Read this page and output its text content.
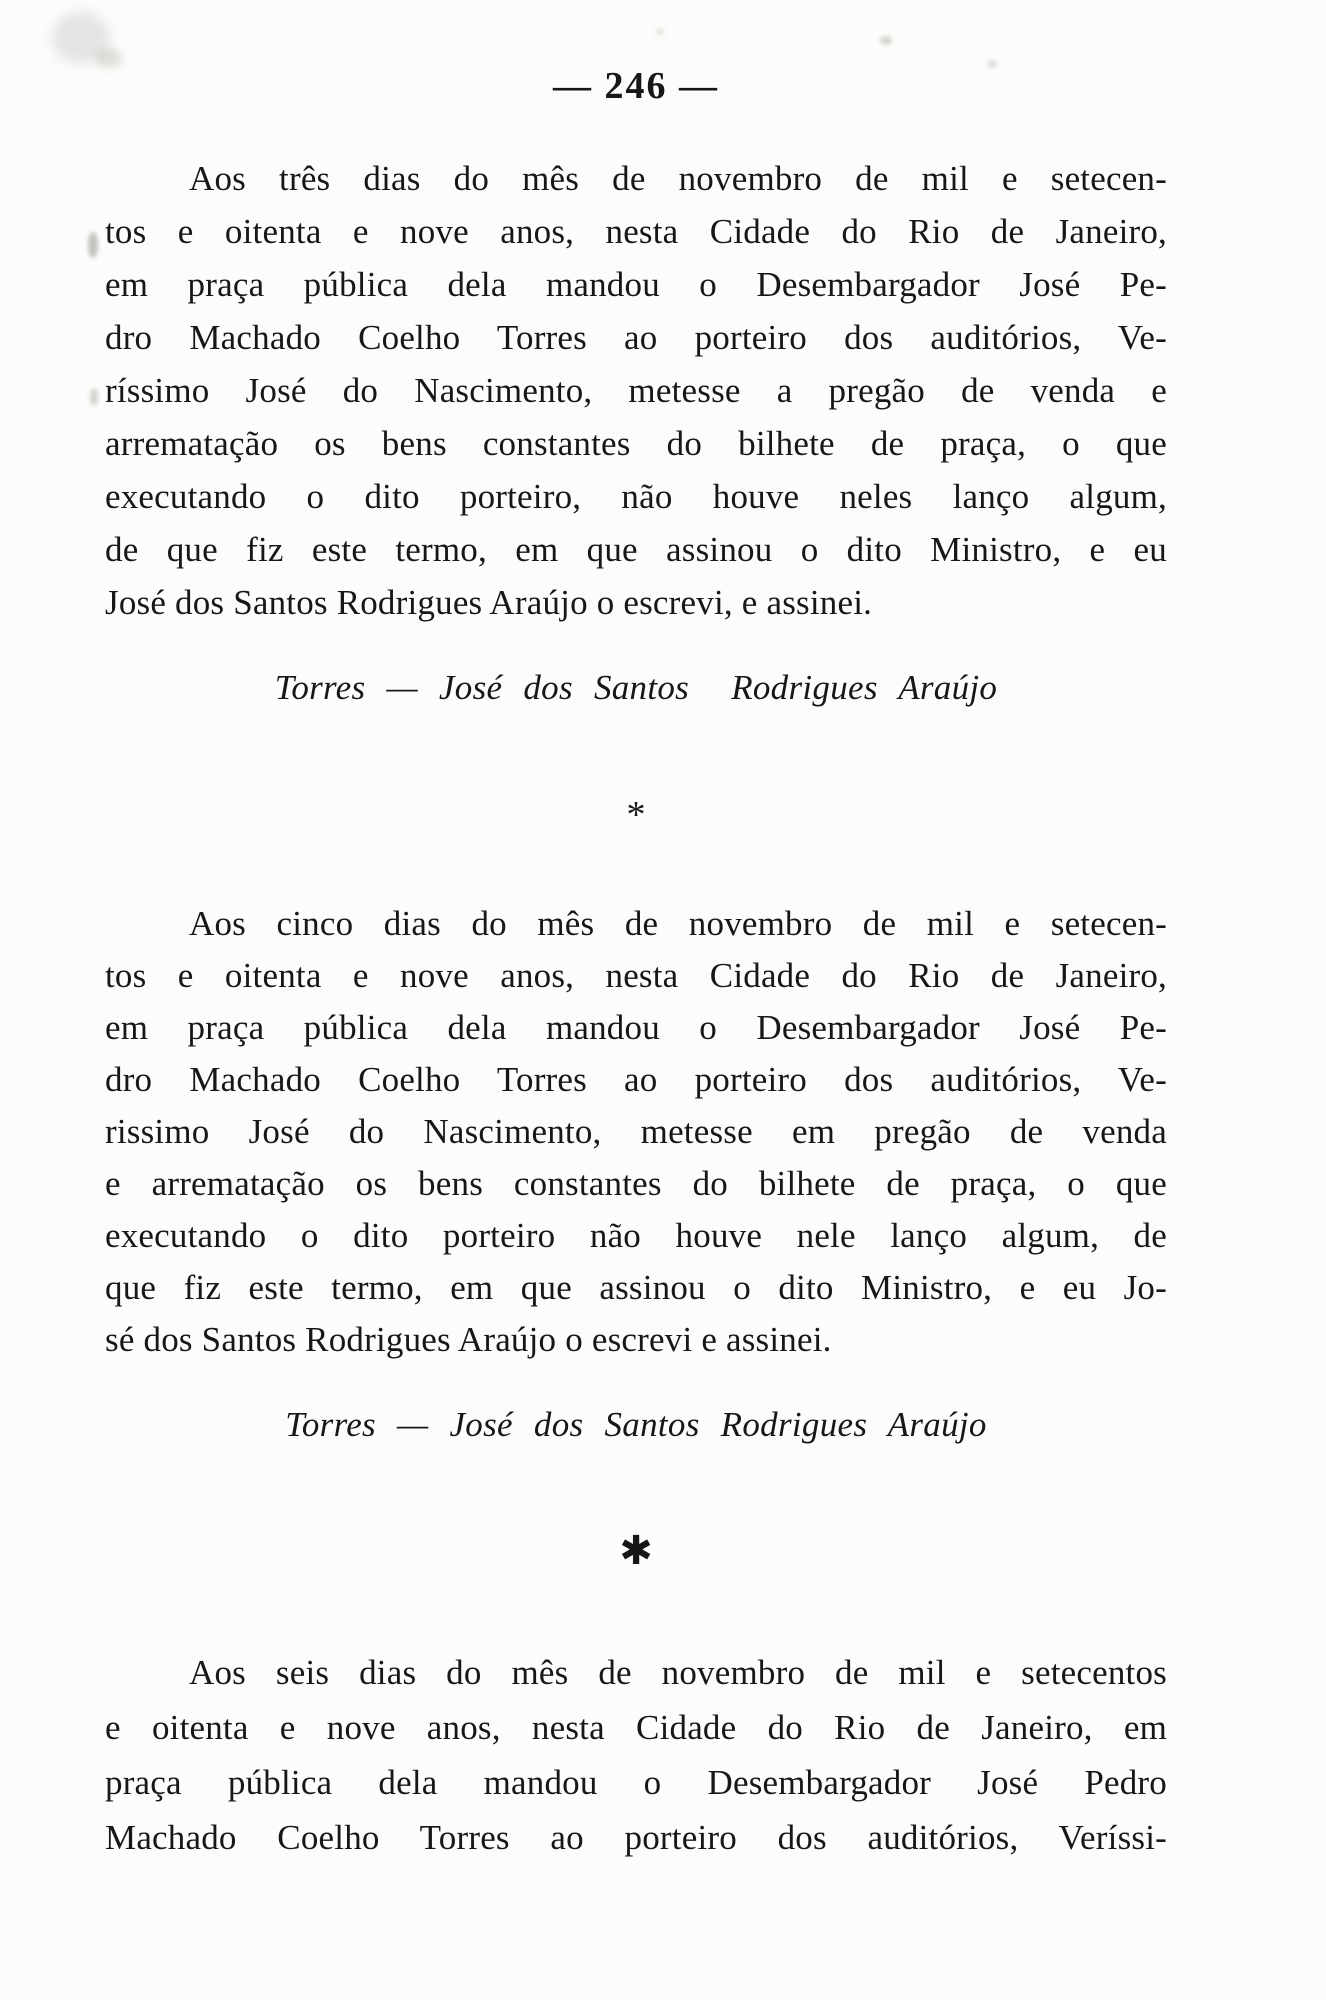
— 246 —
Aos três dias do mês de novembro de mil e setecen-
tos e oitenta e nove anos, nesta Cidade do Rio de Janeiro,
em praça pública dela mandou o Desembargador José Pe-
dro Machado Coelho Torres ao porteiro dos auditórios, Ve-
ríssimo José do Nascimento, metesse a pregão de venda e
arrematação os bens constantes do bilhete de praça, o que
executando o dito porteiro, não houve neles lanço algum,
de que fiz este termo, em que assinou o dito Ministro, e eu
José dos Santos Rodrigues Araújo o escrevi, e assinei.
Torres — José dos Santos  Rodrigues Araújo
*
Aos cinco dias do mês de novembro de mil e setecen-
tos e oitenta e nove anos, nesta Cidade do Rio de Janeiro,
em praça pública dela mandou o Desembargador José Pe-
dro Machado Coelho Torres ao porteiro dos auditórios, Ve-
rissimo José do Nascimento, metesse em pregão de venda
e arrematação os bens constantes do bilhete de praça, o que
executando o dito porteiro não houve nele lanço algum, de
que fiz este termo, em que assinou o dito Ministro, e eu Jo-
sé dos Santos Rodrigues Araújo o escrevi e assinei.
Torres — José dos Santos Rodrigues Araújo
✱
Aos seis dias do mês de novembro de mil e setecentos
e oitenta e nove anos, nesta Cidade do Rio de Janeiro, em
praça pública dela mandou o Desembargador José Pedro
Machado Coelho Torres ao porteiro dos auditórios, Veríssi-
